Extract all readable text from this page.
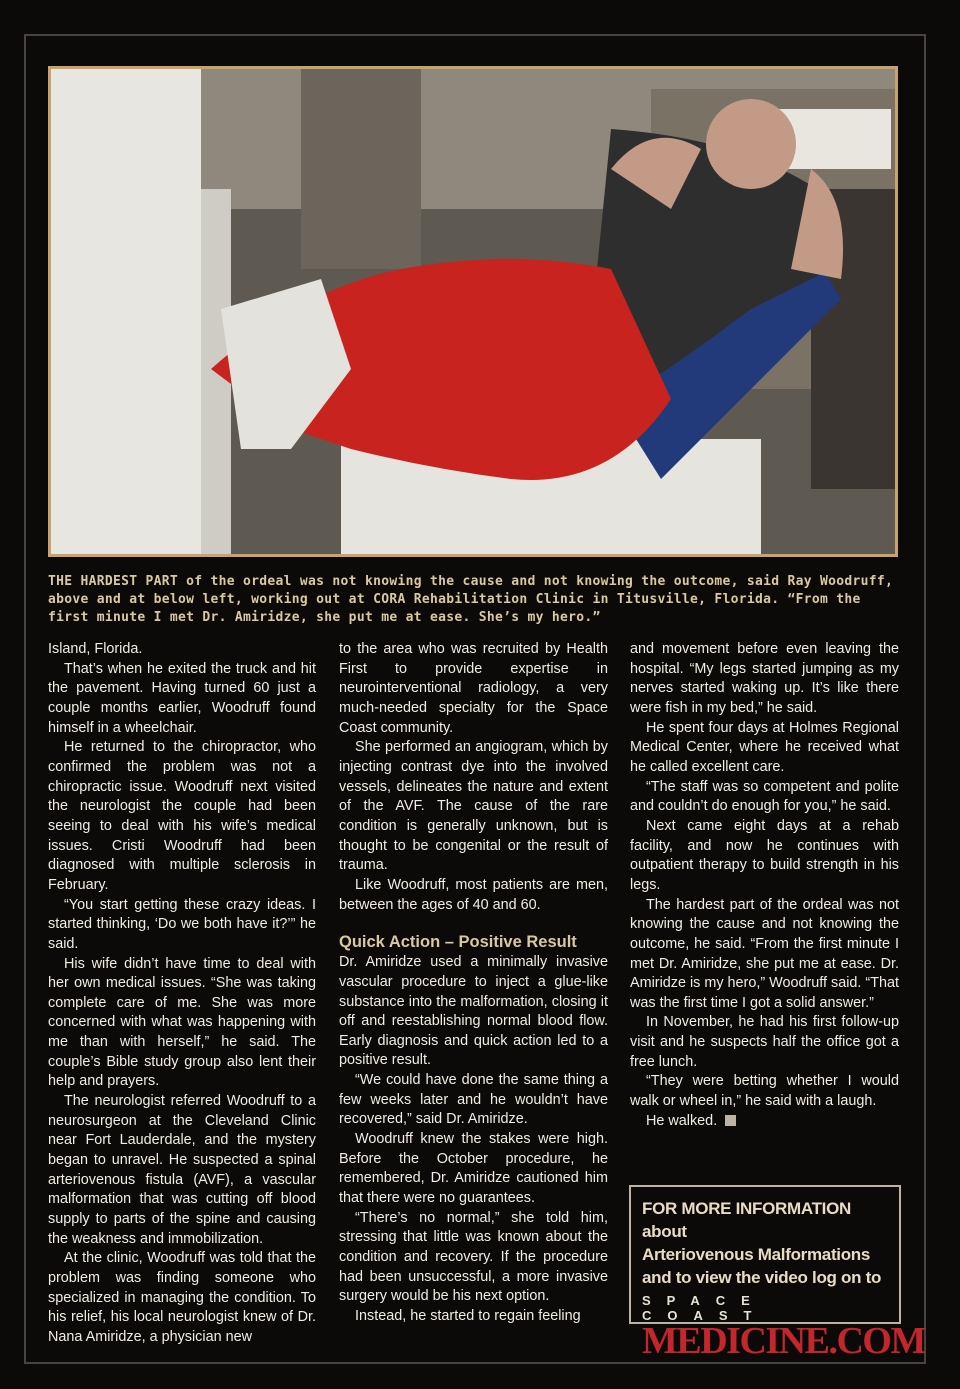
THE HARDEST PART of the ordeal was not knowing the cause and not knowing the outcome, said Ray Woodruff, above and at below left, working out at CORA Rehabilitation Clinic in Titusville, Florida. “From the first minute I met Dr. Amiridze, she put me at ease. She’s my hero.”

Island, Florida.

That’s when he exited the truck and hit the pavement. Having turned 60 just a couple months earlier, Woodruff found himself in a wheelchair.

He returned to the chiropractor, who confirmed the problem was not a chiropractic issue. Woodruff next visited the neurologist the couple had been seeing to deal with his wife’s medical issues. Cristi Woodruff had been diagnosed with multiple sclerosis in February.

“You start getting these crazy ideas. I started thinking, ‘Do we both have it?’” he said.

His wife didn’t have time to deal with her own medical issues. “She was taking complete care of me. She was more concerned with what was happening with me than with herself,” he said. The couple’s Bible study group also lent their help and prayers.

The neurologist referred Woodruff to a neurosurgeon at the Cleveland Clinic near Fort Lauderdale, and the mystery began to unravel. He suspected a spinal arteriovenous fistula (AVF), a vascular malformation that was cutting off blood supply to parts of the spine and causing the weakness and immobilization.

At the clinic, Woodruff was told that the problem was finding someone who specialized in managing the condition. To his relief, his local neurologist knew of Dr. Nana Amiridze, a physician new

to the area who was recruited by Health First to provide expertise in neurointerventional radiology, a very much-needed specialty for the Space Coast community.

She performed an angiogram, which by injecting contrast dye into the involved vessels, delineates the nature and extent of the AVF. The cause of the rare condition is generally unknown, but is thought to be congenital or the result of trauma.

Like Woodruff, most patients are men, between the ages of 40 and 60.

Quick Action – Positive Result

Dr. Amiridze used a minimally invasive vascular procedure to inject a glue-like substance into the malformation, closing it off and reestablishing normal blood flow. Early diagnosis and quick action led to a positive result.

“We could have done the same thing a few weeks later and he wouldn’t have recovered,” said Dr. Amiridze.

Woodruff knew the stakes were high. Before the October procedure, he remembered, Dr. Amiridze cautioned him that there were no guarantees.

“There’s no normal,” she told him, stressing that little was known about the condition and recovery. If the procedure had been unsuccessful, a more invasive surgery would be his next option.

Instead, he started to regain feeling

and movement before even leaving the hospital. “My legs started jumping as my nerves started waking up. It’s like there were fish in my bed,” he said.

He spent four days at Holmes Regional Medical Center, where he received what he called excellent care.

“The staff was so competent and polite and couldn’t do enough for you,” he said.

Next came eight days at a rehab facility, and now he continues with outpatient therapy to build strength in his legs.

The hardest part of the ordeal was not knowing the cause and not knowing the outcome, he said. “From the first minute I met Dr. Amiridze, she put me at ease. Dr. Amiridze is my hero,” Woodruff said. “That was the first time I got a solid answer.”

In November, he had his first follow-up visit and he suspects half the office got a free lunch.

“They were betting whether I would walk or wheel in,” he said with a laugh.

He walked.

FOR MORE INFORMATION about
Arteriovenous Malformations
and to view the video log on to
SPACE COAST
MEDICINE.COM
